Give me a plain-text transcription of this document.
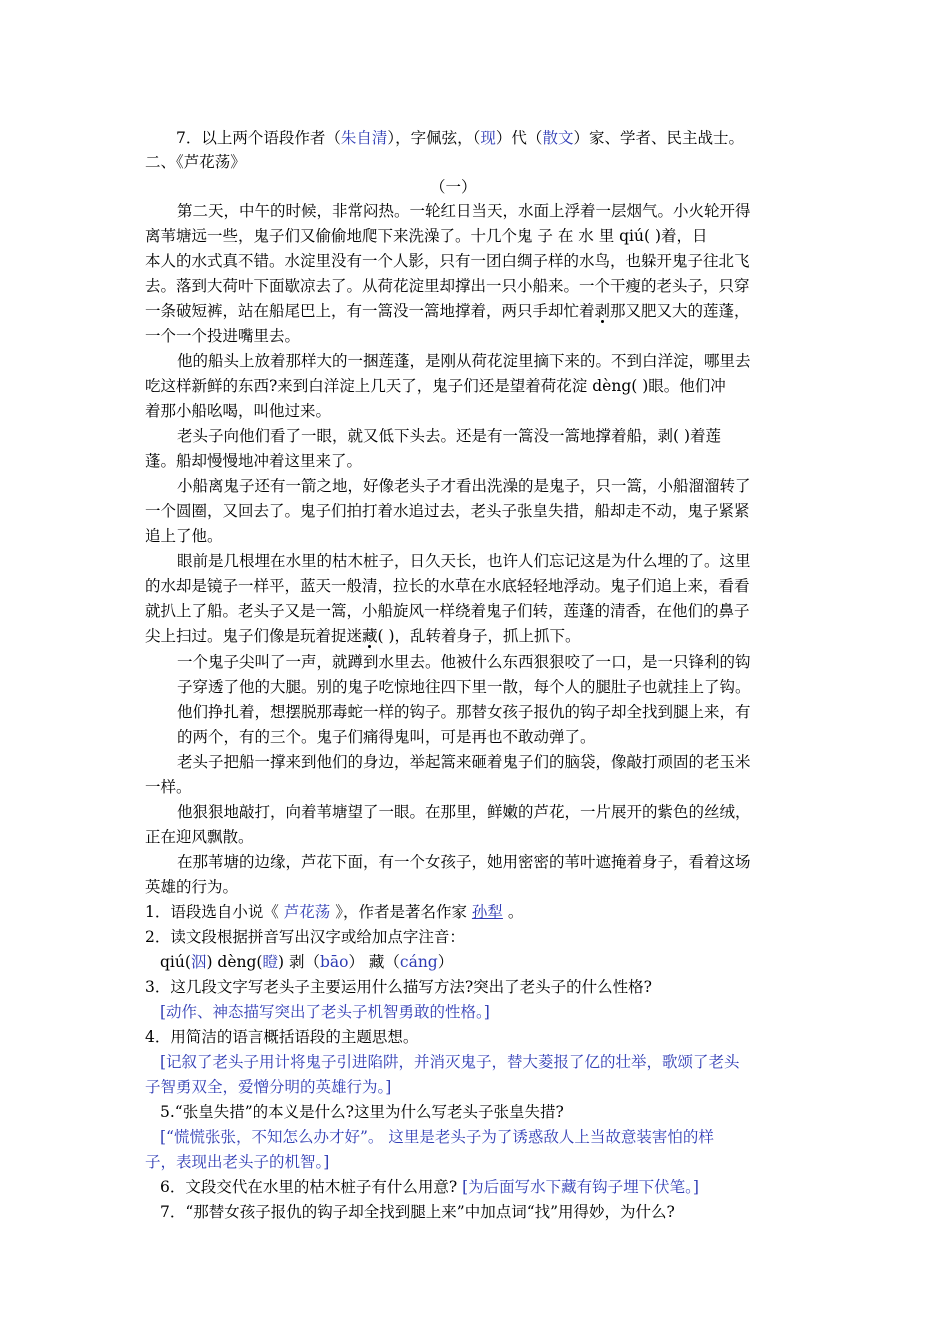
7．以上两个语段作者（朱自清），字佩弦，（现）代（散文）家、学者、民主战士。
二、《芦花荡》
（一）
第二天，中午的时候，非常闷热。一轮红日当天，水面上浮着一层烟气。小火轮开得
离苇塘远一些，鬼子们又偷偷地爬下来洗澡了。十几个鬼 子 在 水 里 qiú( )着，日
本人的水式真不错。水淀里没有一个人影，只有一团白绸子样的水鸟，也躲开鬼子往北飞
去。落到大荷叶下面歇凉去了。从荷花淀里却撑出一只小船来。一个干瘦的老头子，只穿
一条破短裤，站在船尾巴上，有一篙没一篙地撑着，两只手却忙着剥那又肥又大的莲蓬，
一个一个投进嘴里去。
他的船头上放着那样大的一捆莲蓬，是刚从荷花淀里摘下来的。不到白洋淀，哪里去
吃这样新鲜的东西?来到白洋淀上几天了，鬼子们还是望着荷花淀 dèng( )眼。他们冲
着那小船吆喝，叫他过来。
老头子向他们看了一眼，就又低下头去。还是有一篙没一篙地撑着船，剥( )着莲
蓬。船却慢慢地冲着这里来了。
小船离鬼子还有一箭之地，好像老头子才看出洗澡的是鬼子，只一篙，小船溜溜转了
一个圆圈，又回去了。鬼子们拍打着水追过去，老头子张皇失措，船却走不动，鬼子紧紧
追上了他。
眼前是几根埋在水里的枯木桩子，日久天长，也许人们忘记这是为什么埋的了。这里
的水却是镜子一样平，蓝天一般清，拉长的水草在水底轻轻地浮动。鬼子们追上来，看看
就扒上了船。老头子又是一篙，小船旋风一样绕着鬼子们转，莲蓬的清香，在他们的鼻子
尖上扫过。鬼子们像是玩着捉迷藏( )，乱转着身子，抓上抓下。
一个鬼子尖叫了一声，就蹲到水里去。他被什么东西狠狠咬了一口，是一只锋利的钩
子穿透了他的大腿。别的鬼子吃惊地往四下里一散，每个人的腿肚子也就挂上了钩。
他们挣扎着，想摆脱那毒蛇一样的钩子。那替女孩子报仇的钩子却全找到腿上来，有
的两个，有的三个。鬼子们痛得鬼叫，可是再也不敢动弹了。
老头子把船一撑来到他们的身边，举起篙来砸着鬼子们的脑袋，像敲打顽固的老玉米
一样。
他狠狠地敲打，向着苇塘望了一眼。在那里，鲜嫩的芦花，一片展开的紫色的丝绒，
正在迎风飘散。
在那苇塘的边缘，芦花下面，有一个女孩子，她用密密的苇叶遮掩着身子，看着这场
英雄的行为。
1．语段选自小说《 芦花荡 》，作者是著名作家 孙犁 。
2．读文段根据拼音写出汉字或给加点字注音：
qiú(泅) dèng(瞪) 剥（bāo） 藏（cáng）
3．这几段文字写老头子主要运用什么描写方法?突出了老头子的什么性格?
[动作、神态描写突出了老头子机智勇敢的性格。]
4．用简洁的语言概括语段的主题思想。
[记叙了老头子用计将鬼子引进陷阱，并消灭鬼子，替大菱报了亿的壮举，歌颂了老头
子智勇双全，爱憎分明的英雄行为。]
5.“张皇失措”的本义是什么?这里为什么写老头子张皇失措?
[“慌慌张张，不知怎么办才好”。 这里是老头子为了诱惑敌人上当故意装害怕的样
子，表现出老头子的机智。]
6．文段交代在水里的枯木桩子有什么用意? [为后面写水下藏有钩子埋下伏笔。]
7．“那替女孩子报仇的钩子却全找到腿上来”中加点词“找”用得妙，为什么?
